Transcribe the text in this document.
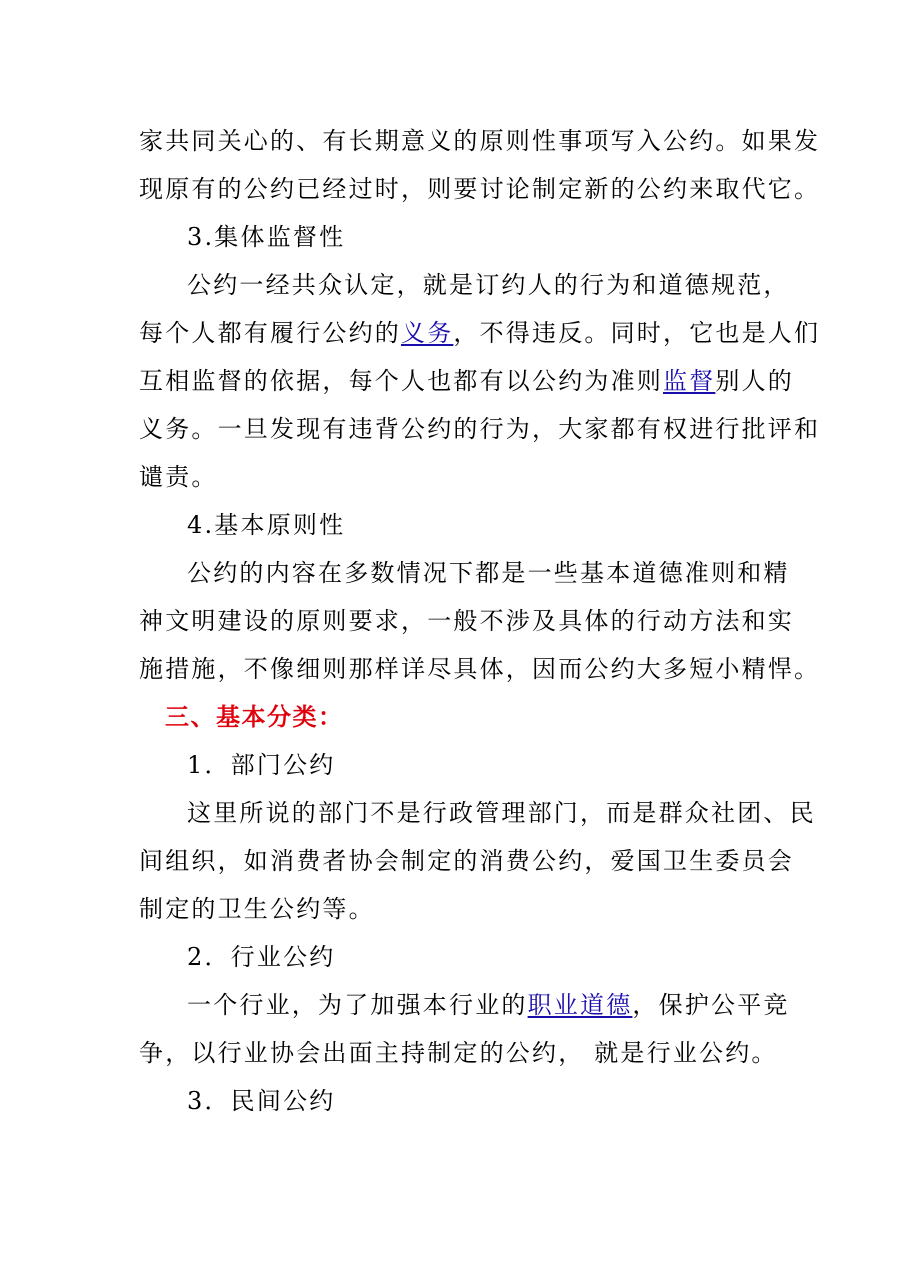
家共同关心的、有长期意义的原则性事项写入公约。如果发
现原有的公约已经过时，则要讨论制定新的公约来取代它。
3.集体监督性
公约一经共众认定，就是订约人的行为和道德规范，
每个人都有履行公约的义务，不得违反。同时，它也是人们
互相监督的依据，每个人也都有以公约为准则监督别人的
义务。一旦发现有违背公约的行为，大家都有权进行批评和
谴责。
4.基本原则性
公约的内容在多数情况下都是一些基本道德准则和精
神文明建设的原则要求，一般不涉及具体的行动方法和实
施措施，不像细则那样详尽具体，因而公约大多短小精悍。
三、基本分类：
1．部门公约
这里所说的部门不是行政管理部门，而是群众社团、民
间组织，如消费者协会制定的消费公约，爱国卫生委员会
制定的卫生公约等。
2．行业公约
一个行业，为了加强本行业的职业道德，保护公平竞
争，以行业协会出面主持制定的公约， 就是行业公约。
3．民间公约
